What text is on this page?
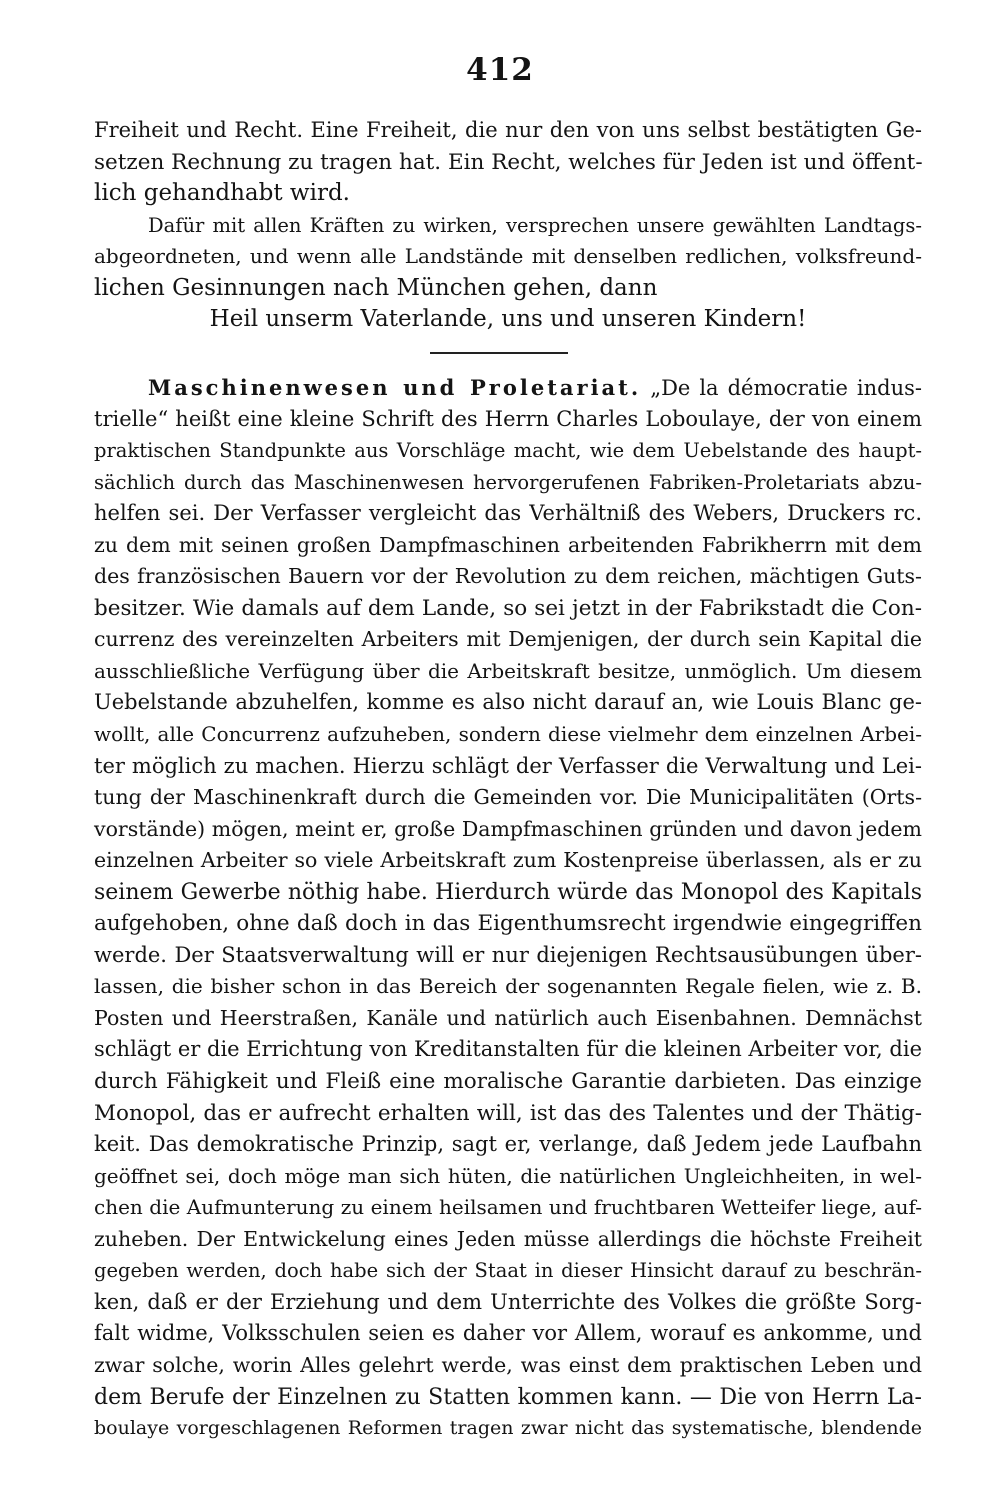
412
Freiheit und Recht. Eine Freiheit, die nur den von uns selbst bestätigten Ge-
setzen Rechnung zu tragen hat. Ein Recht, welches für Jeden ist und öffent-
lich gehandhabt wird.
Dafür mit allen Kräften zu wirken, versprechen unsere gewählten Landtags-
abgeordneten, und wenn alle Landstände mit denselben redlichen, volksfreund-
lichen Gesinnungen nach München gehen, dann
Heil unserm Vaterlande, uns und unseren Kindern!
Maschinenwesen und Proletariat. „De la démocratie indus-
trielle“ heißt eine kleine Schrift des Herrn Charles Loboulaye, der von einem
praktischen Standpunkte aus Vorschläge macht, wie dem Uebelstande des haupt-
sächlich durch das Maschinenwesen hervorgerufenen Fabriken-Proletariats abzu-
helfen sei. Der Verfasser vergleicht das Verhältniß des Webers, Druckers rc.
zu dem mit seinen großen Dampfmaschinen arbeitenden Fabrikherrn mit dem
des französischen Bauern vor der Revolution zu dem reichen, mächtigen Guts-
besitzer. Wie damals auf dem Lande, so sei jetzt in der Fabrikstadt die Con-
currenz des vereinzelten Arbeiters mit Demjenigen, der durch sein Kapital die
ausschließliche Verfügung über die Arbeitskraft besitze, unmöglich. Um diesem
Uebelstande abzuhelfen, komme es also nicht darauf an, wie Louis Blanc ge-
wollt, alle Concurrenz aufzuheben, sondern diese vielmehr dem einzelnen Arbei-
ter möglich zu machen. Hierzu schlägt der Verfasser die Verwaltung und Lei-
tung der Maschinenkraft durch die Gemeinden vor. Die Municipalitäten (Orts-
vorstände) mögen, meint er, große Dampfmaschinen gründen und davon jedem
einzelnen Arbeiter so viele Arbeitskraft zum Kostenpreise überlassen, als er zu
seinem Gewerbe nöthig habe. Hierdurch würde das Monopol des Kapitals
aufgehoben, ohne daß doch in das Eigenthumsrecht irgendwie eingegriffen
werde. Der Staatsverwaltung will er nur diejenigen Rechtsausübungen über-
lassen, die bisher schon in das Bereich der sogenannten Regale fielen, wie z. B.
Posten und Heerstraßen, Kanäle und natürlich auch Eisenbahnen. Demnächst
schlägt er die Errichtung von Kreditanstalten für die kleinen Arbeiter vor, die
durch Fähigkeit und Fleiß eine moralische Garantie darbieten. Das einzige
Monopol, das er aufrecht erhalten will, ist das des Talentes und der Thätig-
keit. Das demokratische Prinzip, sagt er, verlange, daß Jedem jede Laufbahn
geöffnet sei, doch möge man sich hüten, die natürlichen Ungleichheiten, in wel-
chen die Aufmunterung zu einem heilsamen und fruchtbaren Wetteifer liege, auf-
zuheben. Der Entwickelung eines Jeden müsse allerdings die höchste Freiheit
gegeben werden, doch habe sich der Staat in dieser Hinsicht darauf zu beschrän-
ken, daß er der Erziehung und dem Unterrichte des Volkes die größte Sorg-
falt widme, Volksschulen seien es daher vor Allem, worauf es ankomme, und
zwar solche, worin Alles gelehrt werde, was einst dem praktischen Leben und
dem Berufe der Einzelnen zu Statten kommen kann. — Die von Herrn La-
boulaye vorgeschlagenen Reformen tragen zwar nicht das systematische, blendende
